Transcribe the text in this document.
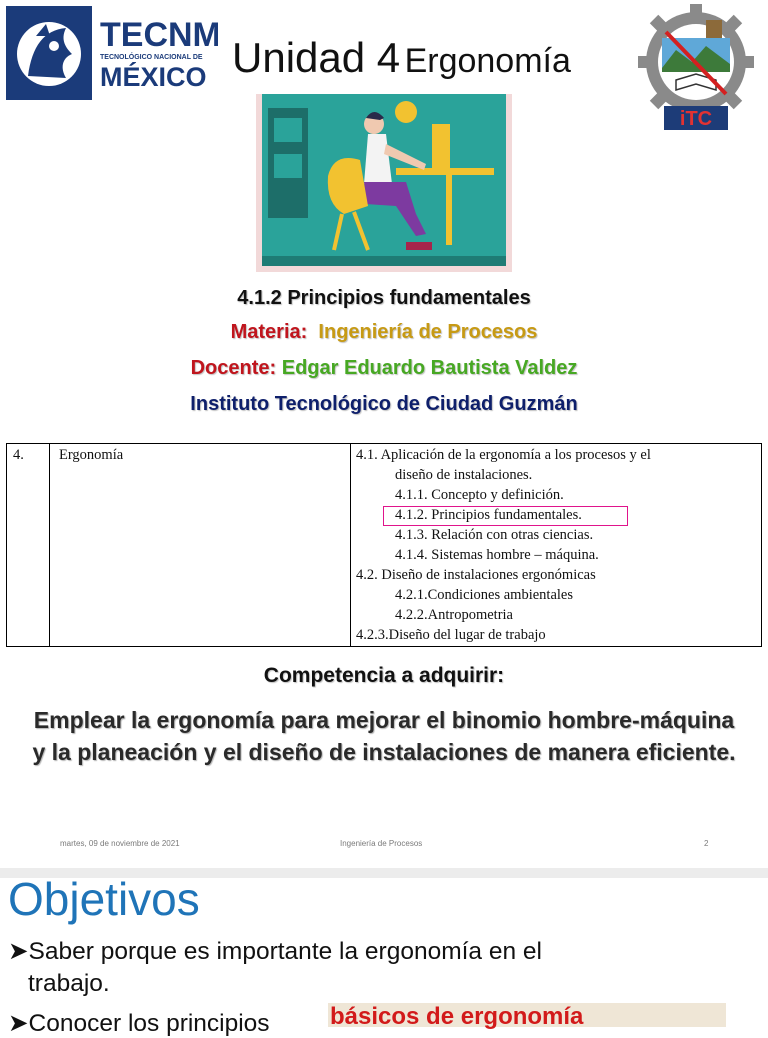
TECNM
TECNOLÓGICO NACIONAL DE
MÉXICO Unidad 4 Ergonomía
iTC
4.1.2 Principios fundamentales
Materia: Ingeniería de Procesos
Docente: Edgar Eduardo Bautista Valdez
Instituto Tecnológico de Ciudad Guzmán
4. Ergonomía	4.1. Aplicación de la ergonomía a los procesos y el
diseño de instalaciones.
4.1.1. Concepto y definición.
4.1.2. Principios fundamentales.
4.1.3. Relación con otras ciencias.
4.1.4. Sistemas hombre – máquina.
4.2. Diseño de instalaciones ergonómicas
4.2.1.Condiciones ambientales
4.2.2.Antropometria
4.2.3.Diseño del lugar de trabajo
Competencia a adquirir:
Emplear la ergonomía para mejorar el binomio hombre-máquina y la planeación y el diseño de instalaciones de manera eficiente.
martes, 09 de noviembre de 2021	Ingeniería de Procesos	2
Objetivos
➤Saber porque es importante la ergonomía en el
trabajo.
básicos de ergonomía
➤Conocer los principios
